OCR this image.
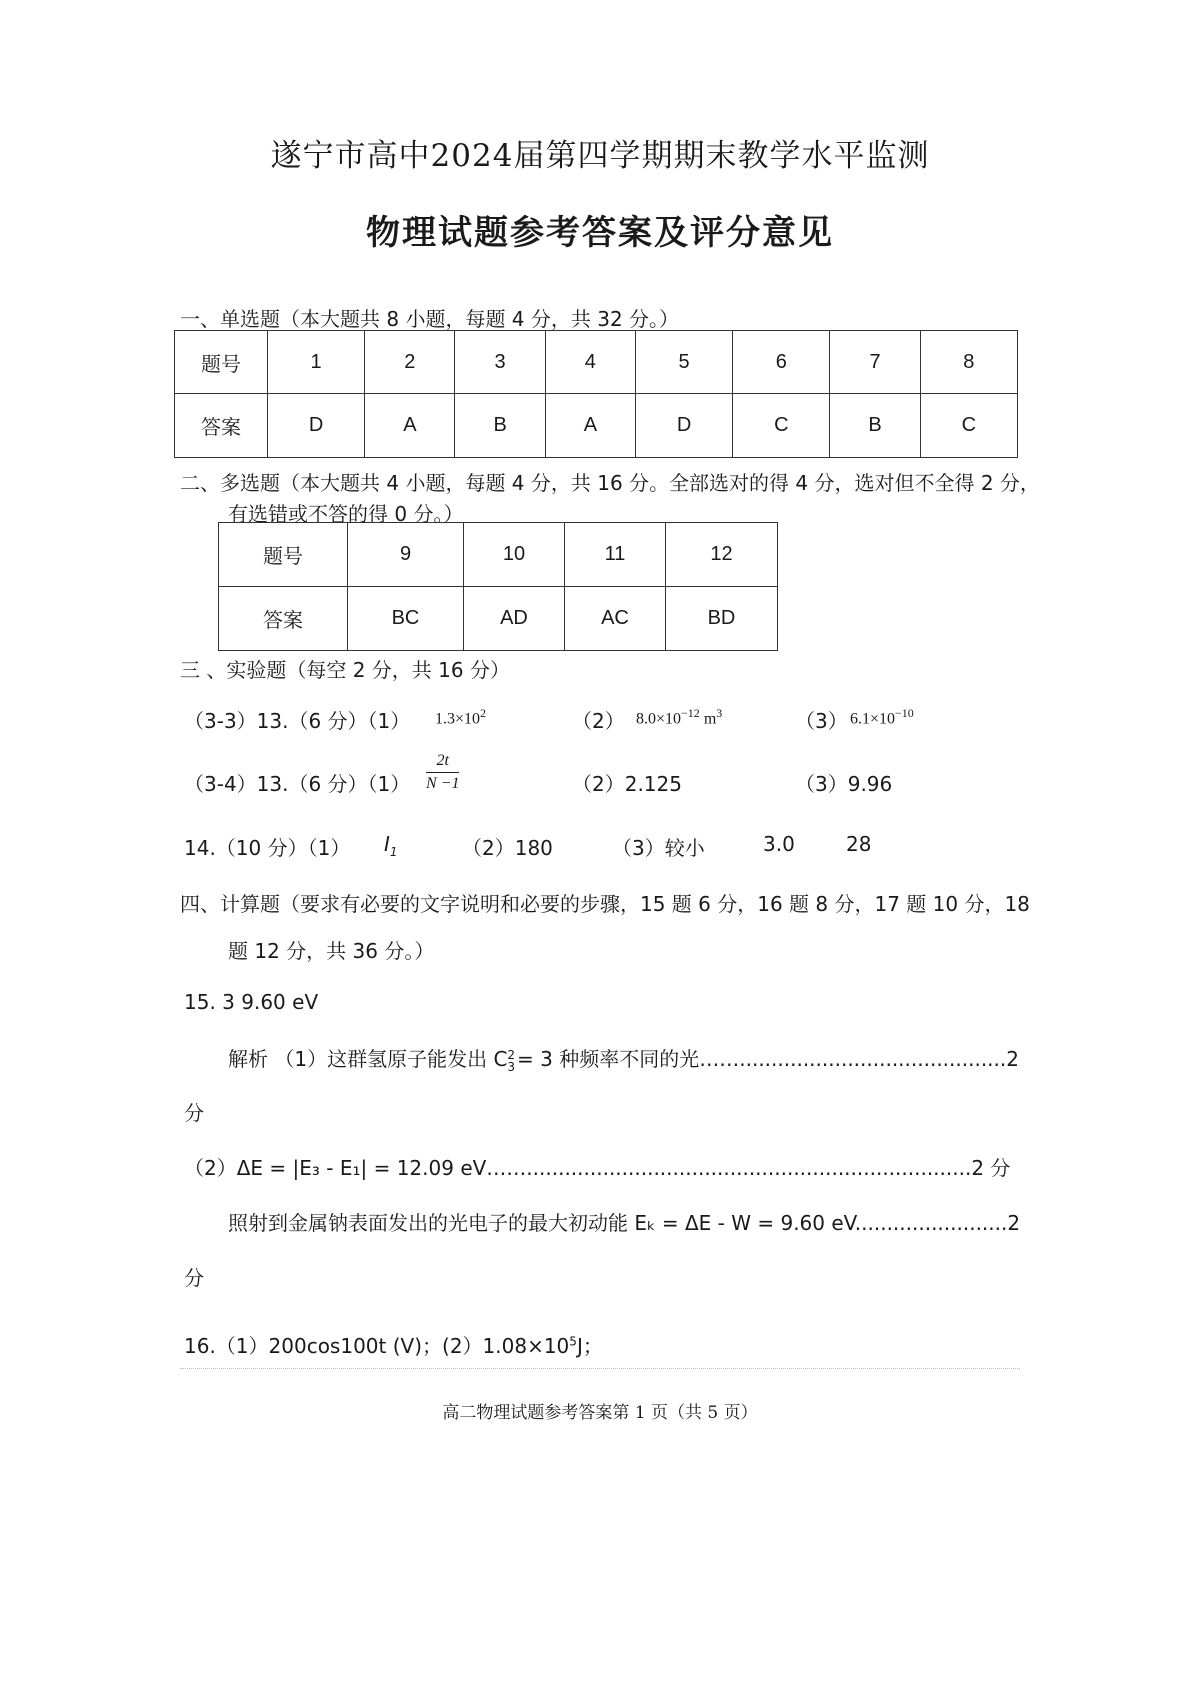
遂宁市高中2024届第四学期期末教学水平监测
物理试题参考答案及评分意见
一、单选题（本大题共 8 小题，每题 4 分，共 32 分。）
题号	1	2	3	4	5	6	7	8
答案	D	A	B	A	D	C	B	C
二、多选题（本大题共 4 小题，每题 4 分，共 16 分。全部选对的得 4 分，选对但不全得 2 分，
有选错或不答的得 0 分。）
题号	9	10	11	12
答案	BC	AD	AC	BD
三 、实验题（每空 2 分，共 16 分）
（3-3）13.（6 分）（1） $1.3\times 10^2$	（2） $8.0\times 10^{-12}$ $m^3$	（3） $6.1\times 10^{-10}$
（3-4）13.（6 分）$(1) \frac{2t}{N -1}$	（2）2.125	（3）9.96
14.（10 分）（1） $I_1$	（2）180	（3）较小	3.0	28
四、计算题（要求有必要的文字说明和必要的步骤，15 题 6 分，16 题 8 分，17 题 10 分，18
题 12 分，共 36 分。）
15. 3 9.60 eV
解析 （1）这群氢原子能发出 C 2
3 = 3 种频率不同的光……..........................................2
分
（2）ΔE = |E₃ - E₁| = 12.09 eV……......................................................................2 分
照射到金属钠表面发出的光电子的最大初动能 Eₖ = ΔE - W = 9.60 eV........................2
分
16.（1）200cos100t (V)；$(2)1.08\times 10^5J$；
高二物理试题参考答案第 1 页（共 5 页）
